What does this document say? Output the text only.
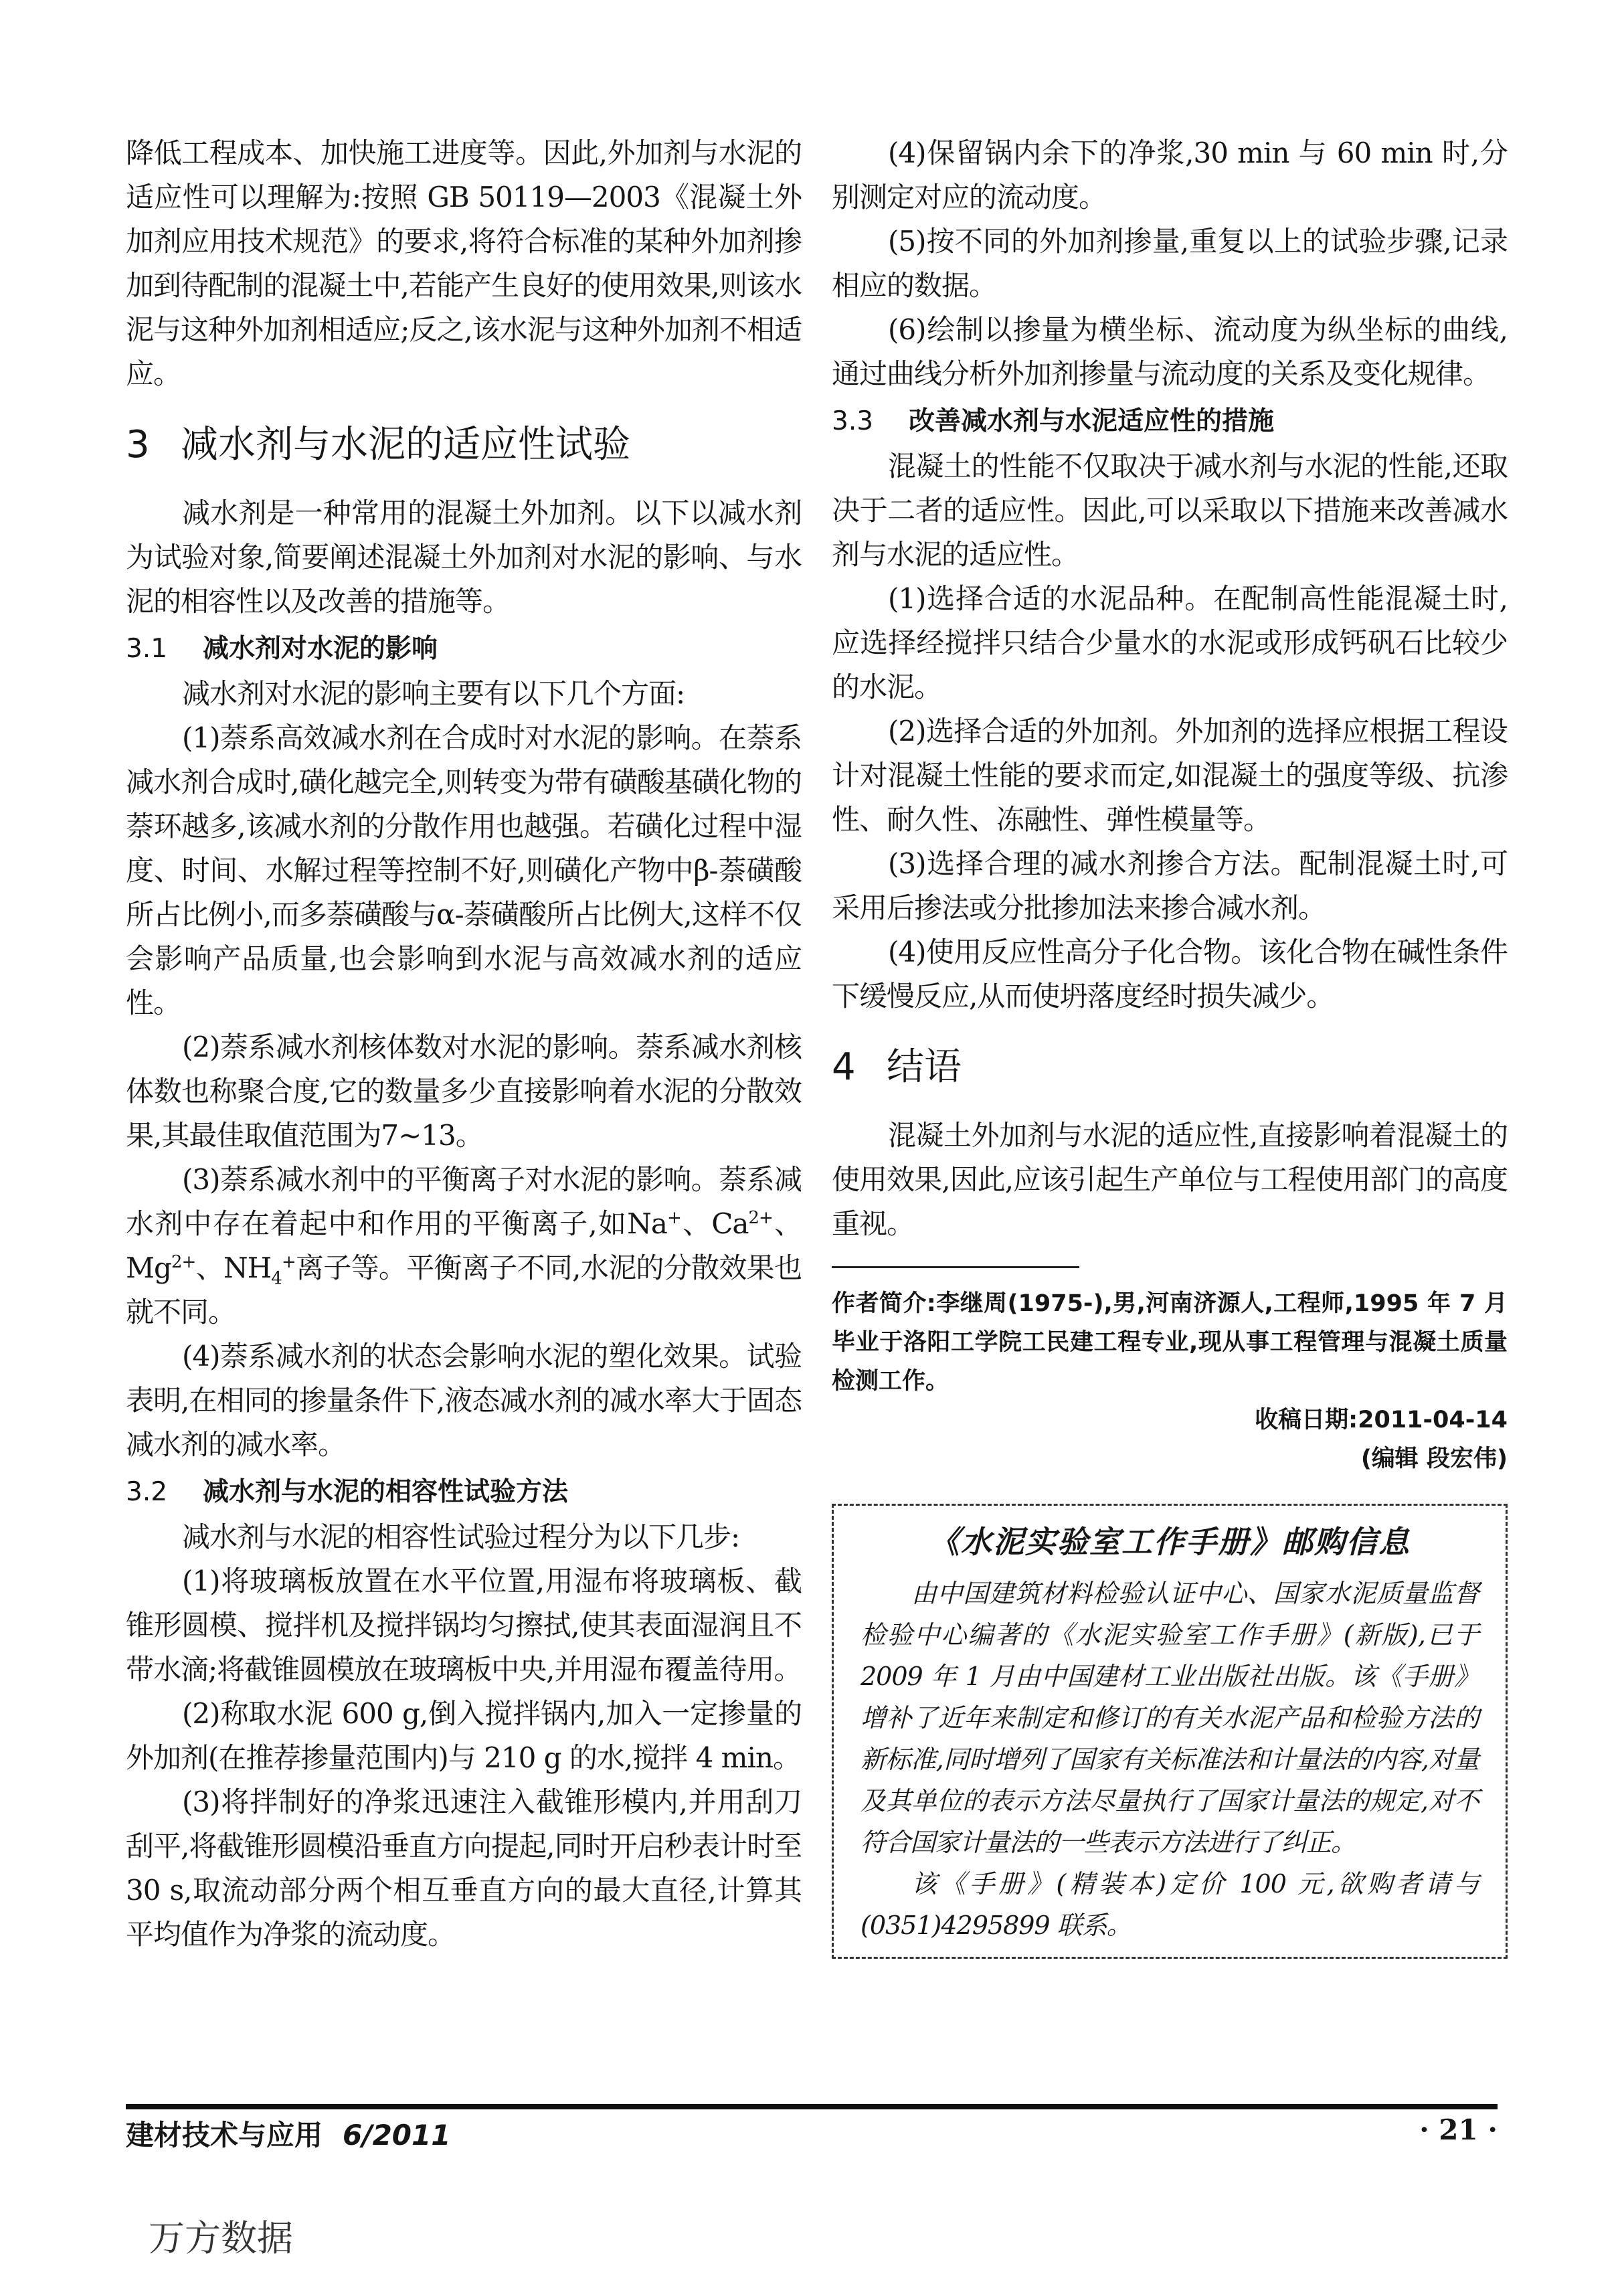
降低工程成本、加快施工进度等。因此,外加剂与水泥的适应性可以理解为:按照 GB 50119—2003《混凝土外加剂应用技术规范》的要求,将符合标准的某种外加剂掺加到待配制的混凝土中,若能产生良好的使用效果,则该水泥与这种外加剂相适应;反之,该水泥与这种外加剂不相适应。

3 减水剂与水泥的适应性试验

减水剂是一种常用的混凝土外加剂。以下以减水剂为试验对象,简要阐述混凝土外加剂对水泥的影响、与水泥的相容性以及改善的措施等。

3.1 减水剂对水泥的影响

减水剂对水泥的影响主要有以下几个方面:

(1)萘系高效减水剂在合成时对水泥的影响。在萘系减水剂合成时,磺化越完全,则转变为带有磺酸基磺化物的萘环越多,该减水剂的分散作用也越强。若磺化过程中湿度、时间、水解过程等控制不好,则磺化产物中β-萘磺酸所占比例小,而多萘磺酸与α-萘磺酸所占比例大,这样不仅会影响产品质量,也会影响到水泥与高效减水剂的适应性。

(2)萘系减水剂核体数对水泥的影响。萘系减水剂核体数也称聚合度,它的数量多少直接影响着水泥的分散效果,其最佳取值范围为7~13。

(3)萘系减水剂中的平衡离子对水泥的影响。萘系减水剂中存在着起中和作用的平衡离子,如Na+、$Ca^{2+}$、$Mg^{2+}$、$NH_4^+$离子等。平衡离子不同,水泥的分散效果也就不同。

(4)萘系减水剂的状态会影响水泥的塑化效果。试验表明,在相同的掺量条件下,液态减水剂的减水率大于固态减水剂的减水率。

3.2 减水剂与水泥的相容性试验方法

减水剂与水泥的相容性试验过程分为以下几步:

(1)将玻璃板放置在水平位置,用湿布将玻璃板、截锥形圆模、搅拌机及搅拌锅均匀擦拭,使其表面湿润且不带水滴;将截锥圆模放在玻璃板中央,并用湿布覆盖待用。

(2)称取水泥 600 g,倒入搅拌锅内,加入一定掺量的外加剂(在推荐掺量范围内)与 210 g 的水,搅拌 4 min。

(3)将拌制好的净浆迅速注入截锥形模内,并用刮刀刮平,将截锥形圆模沿垂直方向提起,同时开启秒表计时至 30 s,取流动部分两个相互垂直方向的最大直径,计算其平均值作为净浆的流动度。

(4)保留锅内余下的净浆,30 min 与 60 min 时,分别测定对应的流动度。

(5)按不同的外加剂掺量,重复以上的试验步骤,记录相应的数据。

(6)绘制以掺量为横坐标、流动度为纵坐标的曲线,通过曲线分析外加剂掺量与流动度的关系及变化规律。

3.3 改善减水剂与水泥适应性的措施

混凝土的性能不仅取决于减水剂与水泥的性能,还取决于二者的适应性。因此,可以采取以下措施来改善减水剂与水泥的适应性。

(1)选择合适的水泥品种。在配制高性能混凝土时,应选择经搅拌只结合少量水的水泥或形成钙矾石比较少的水泥。

(2)选择合适的外加剂。外加剂的选择应根据工程设计对混凝土性能的要求而定,如混凝土的强度等级、抗渗性、耐久性、冻融性、弹性模量等。

(3)选择合理的减水剂掺合方法。配制混凝土时,可采用后掺法或分批掺加法来掺合减水剂。

(4)使用反应性高分子化合物。该化合物在碱性条件下缓慢反应,从而使坍落度经时损失减少。

4 结语

混凝土外加剂与水泥的适应性,直接影响着混凝土的使用效果,因此,应该引起生产单位与工程使用部门的高度重视。

作者简介:李继周(1975-),男,河南济源人,工程师,1995 年 7 月毕业于洛阳工学院工民建工程专业,现从事工程管理与混凝土质量检测工作。

收稿日期:2011-04-14

(编辑 段宏伟)

《水泥实验室工作手册》邮购信息

由中国建筑材料检验认证中心、国家水泥质量监督检验中心编著的《水泥实验室工作手册》(新版),已于 2009 年 1 月由中国建材工业出版社出版。该《手册》增补了近年来制定和修订的有关水泥产品和检验方法的新标准,同时增列了国家有关标准法和计量法的内容,对量及其单位的表示方法尽量执行了国家计量法的规定,对不符合国家计量法的一些表示方法进行了纠正。

该《手册》(精装本)定价 100 元,欲购者请与(0351)4295899 联系。

建材技术与应用 6/2011	· 21 ·
万方数据
